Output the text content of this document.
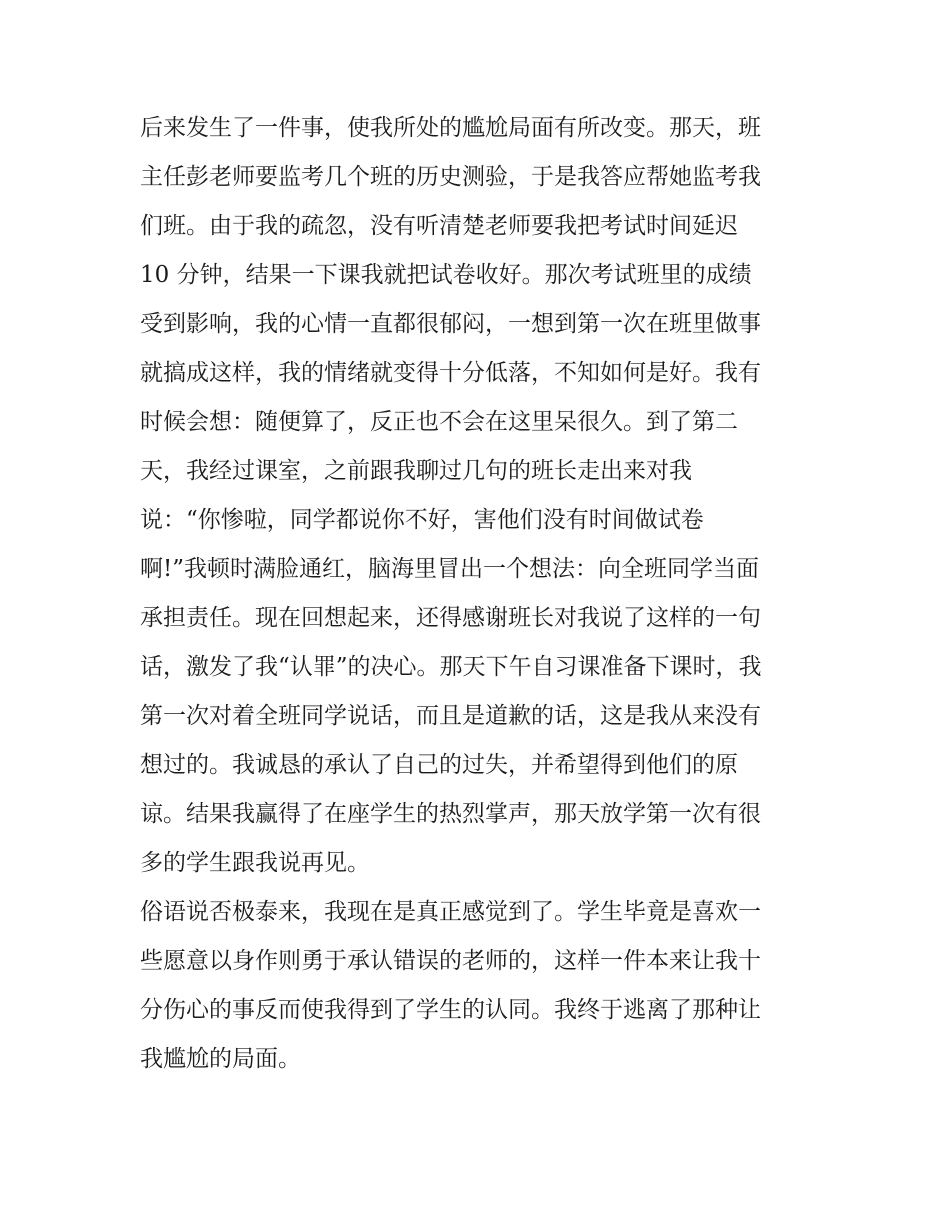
后来发生了一件事，使我所处的尴尬局面有所改变。那天，班
主任彭老师要监考几个班的历史测验，于是我答应帮她监考我
们班。由于我的疏忽，没有听清楚老师要我把考试时间延迟
10 分钟，结果一下课我就把试卷收好。那次考试班里的成绩
受到影响，我的心情一直都很郁闷，一想到第一次在班里做事
就搞成这样，我的情绪就变得十分低落，不知如何是好。我有
时候会想：随便算了，反正也不会在这里呆很久。到了第二
天，我经过课室，之前跟我聊过几句的班长走出来对我
说：“你惨啦，同学都说你不好，害他们没有时间做试卷
啊!”我顿时满脸通红，脑海里冒出一个想法：向全班同学当面
承担责任。现在回想起来，还得感谢班长对我说了这样的一句
话，激发了我“认罪”的决心。那天下午自习课准备下课时，我
第一次对着全班同学说话，而且是道歉的话，这是我从来没有
想过的。我诚恳的承认了自己的过失，并希望得到他们的原
谅。结果我赢得了在座学生的热烈掌声，那天放学第一次有很
多的学生跟我说再见。
俗语说否极泰来，我现在是真正感觉到了。学生毕竟是喜欢一
些愿意以身作则勇于承认错误的老师的，这样一件本来让我十
分伤心的事反而使我得到了学生的认同。我终于逃离了那种让
我尴尬的局面。
